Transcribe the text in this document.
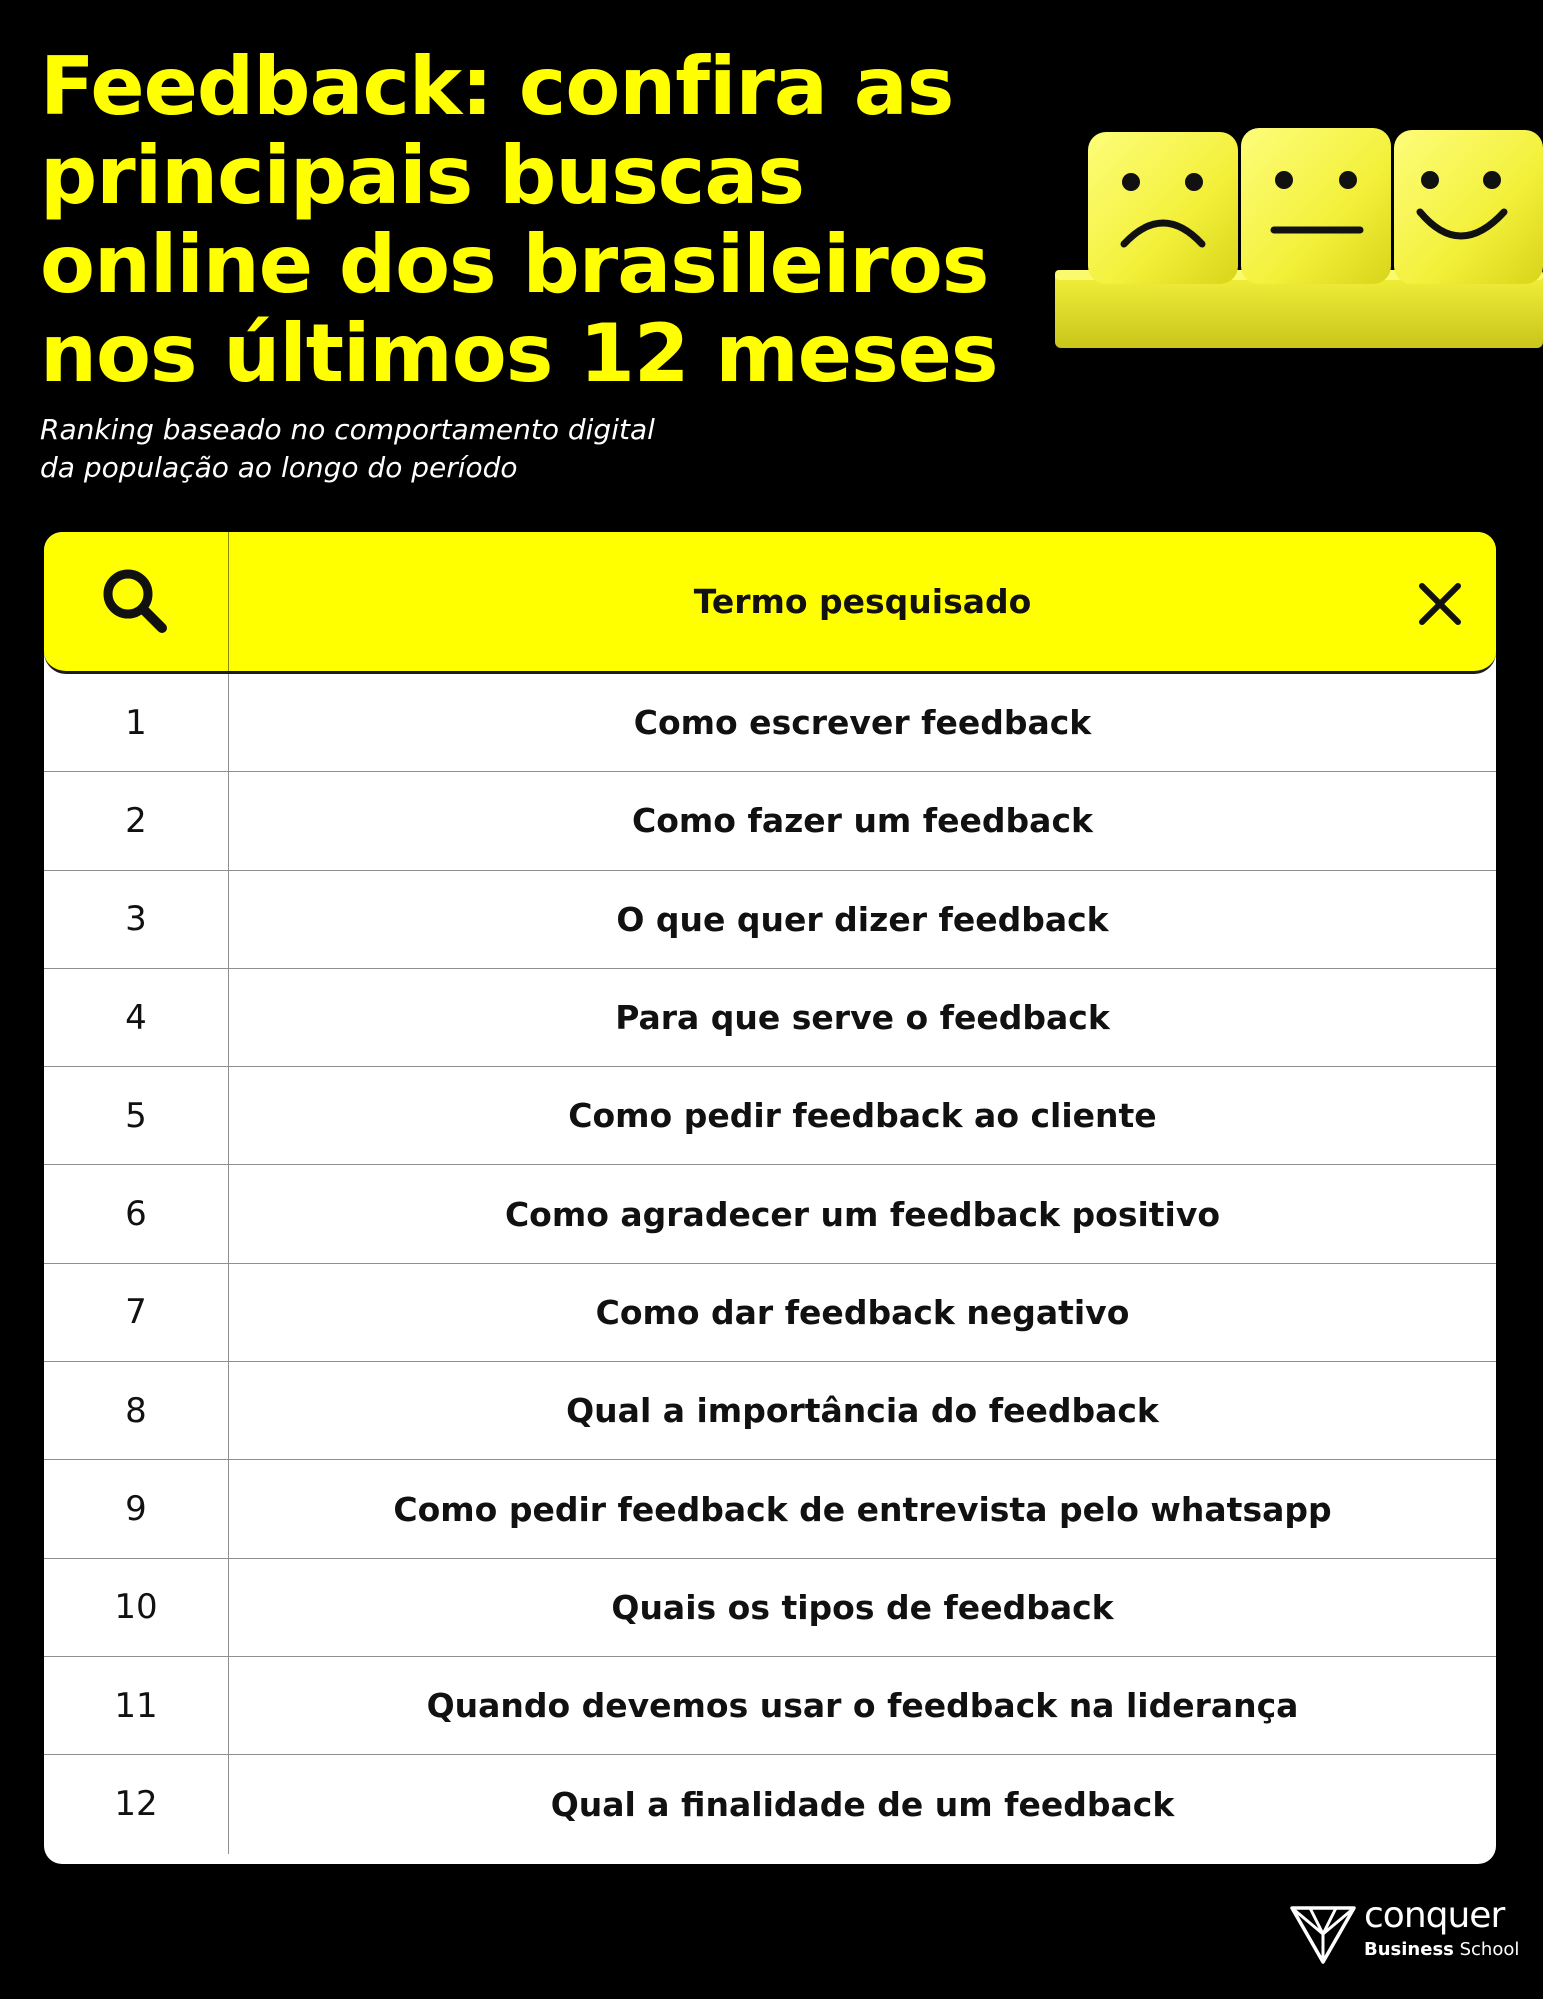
Feedback: confira as principais buscas online dos brasileiros nos últimos 12 meses

Ranking baseado no comportamento digital
da população ao longo do período

Termo pesquisado
1	Como escrever feedback
2	Como fazer um feedback
3	O que quer dizer feedback
4	Para que serve o feedback
5	Como pedir feedback ao cliente
6	Como agradecer um feedback positivo
7	Como dar feedback negativo
8	Qual a importância do feedback
9	Como pedir feedback de entrevista pelo whatsapp
10	Quais os tipos de feedback
11	Quando devemos usar o feedback na liderança
12	Qual a finalidade de um feedback
conquer
Business School
